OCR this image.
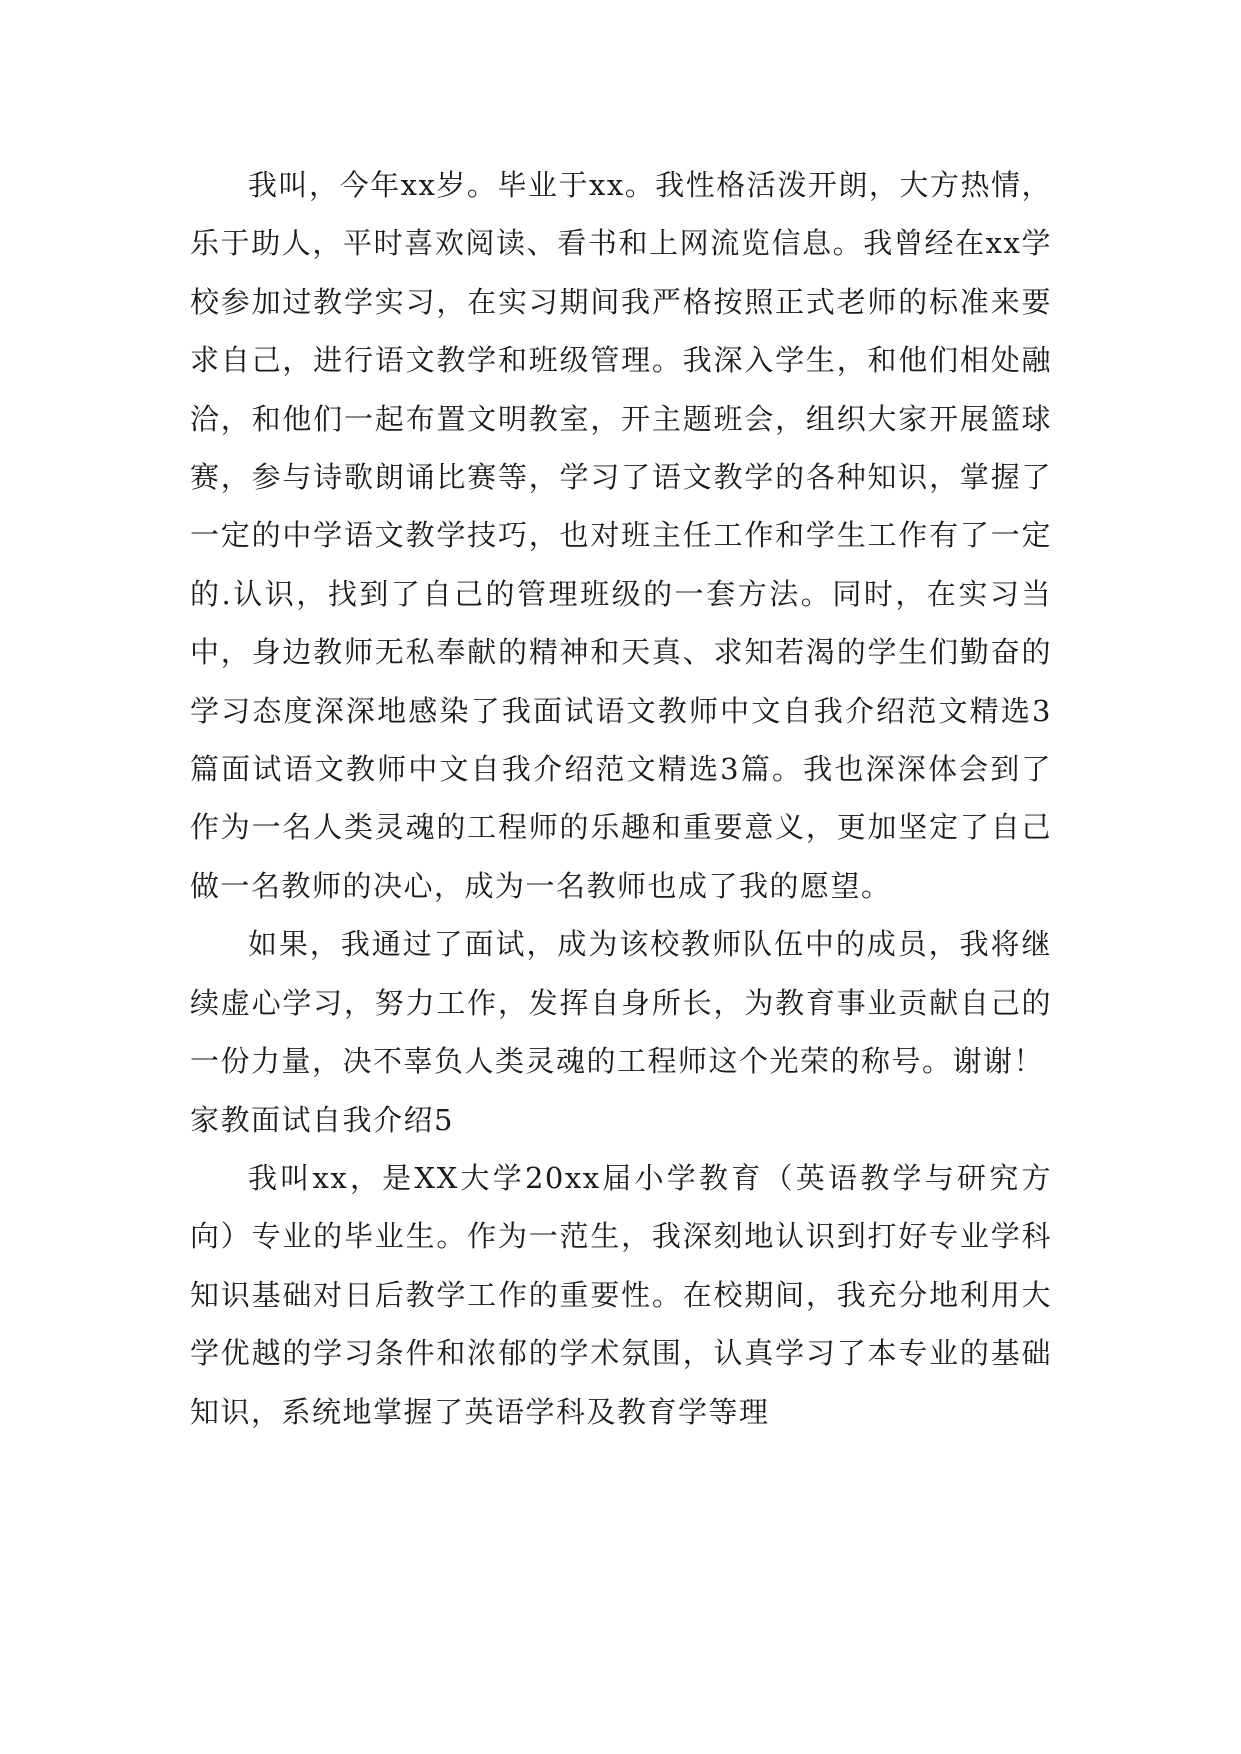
我叫，今年xx岁。毕业于xx。我性格活泼开朗，大方热情，乐于助人，平时喜欢阅读、看书和上网流览信息。我曾经在xx学校参加过教学实习，在实习期间我严格按照正式老师的标准来要求自己，进行语文教学和班级管理。我深入学生，和他们相处融洽，和他们一起布置文明教室，开主题班会，组织大家开展篮球赛，参与诗歌朗诵比赛等，学习了语文教学的各种知识，掌握了一定的中学语文教学技巧，也对班主任工作和学生工作有了一定的.认识，找到了自己的管理班级的一套方法。同时，在实习当中，身边教师无私奉献的精神和天真、求知若渴的学生们勤奋的学习态度深深地感染了我面试语文教师中文自我介绍范文精选3篇面试语文教师中文自我介绍范文精选3篇。我也深深体会到了作为一名人类灵魂的工程师的乐趣和重要意义，更加坚定了自己做一名教师的决心，成为一名教师也成了我的愿望。

如果，我通过了面试，成为该校教师队伍中的成员，我将继续虚心学习，努力工作，发挥自身所长，为教育事业贡献自己的一份力量，决不辜负人类灵魂的工程师这个光荣的称号。谢谢！

家教面试自我介绍5

我叫xx，是XX大学20xx届小学教育（英语教学与研究方向）专业的毕业生。作为一范生，我深刻地认识到打好专业学科知识基础对日后教学工作的重要性。在校期间，我充分地利用大学优越的学习条件和浓郁的学术氛围，认真学习了本专业的基础知识，系统地掌握了英语学科及教育学等理
